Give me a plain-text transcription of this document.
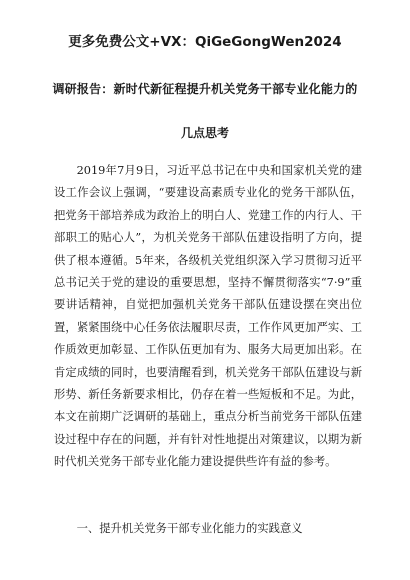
更多免费公文+VX：QiGeGongWen2024
调研报告：新时代新征程提升机关党务干部专业化能力的
几点思考

2019年7月9日，习近平总书记在中央和国家机关党的建设工作会议上强调，“要建设高素质专业化的党务干部队伍，把党务干部培养成为政治上的明白人、党建工作的内行人、干部职工的贴心人”，为机关党务干部队伍建设指明了方向，提供了根本遵循。5年来，各级机关党组织深入学习贯彻习近平总书记关于党的建设的重要思想，坚持不懈贯彻落实“7·9”重要讲话精神，自觉把加强机关党务干部队伍建设摆在突出位置，紧紧围绕中心任务依法履职尽责，工作作风更加严实、工作质效更加彰显、工作队伍更加有为、服务大局更加出彩。在肯定成绩的同时，也要清醒看到，机关党务干部队伍建设与新形势、新任务新要求相比，仍存在着一些短板和不足。为此，本文在前期广泛调研的基础上，重点分析当前党务干部队伍建设过程中存在的问题，并有针对性地提出对策建议，以期为新时代机关党务干部专业化能力建设提供些许有益的参考。

一、提升机关党务干部专业化能力的实践意义
